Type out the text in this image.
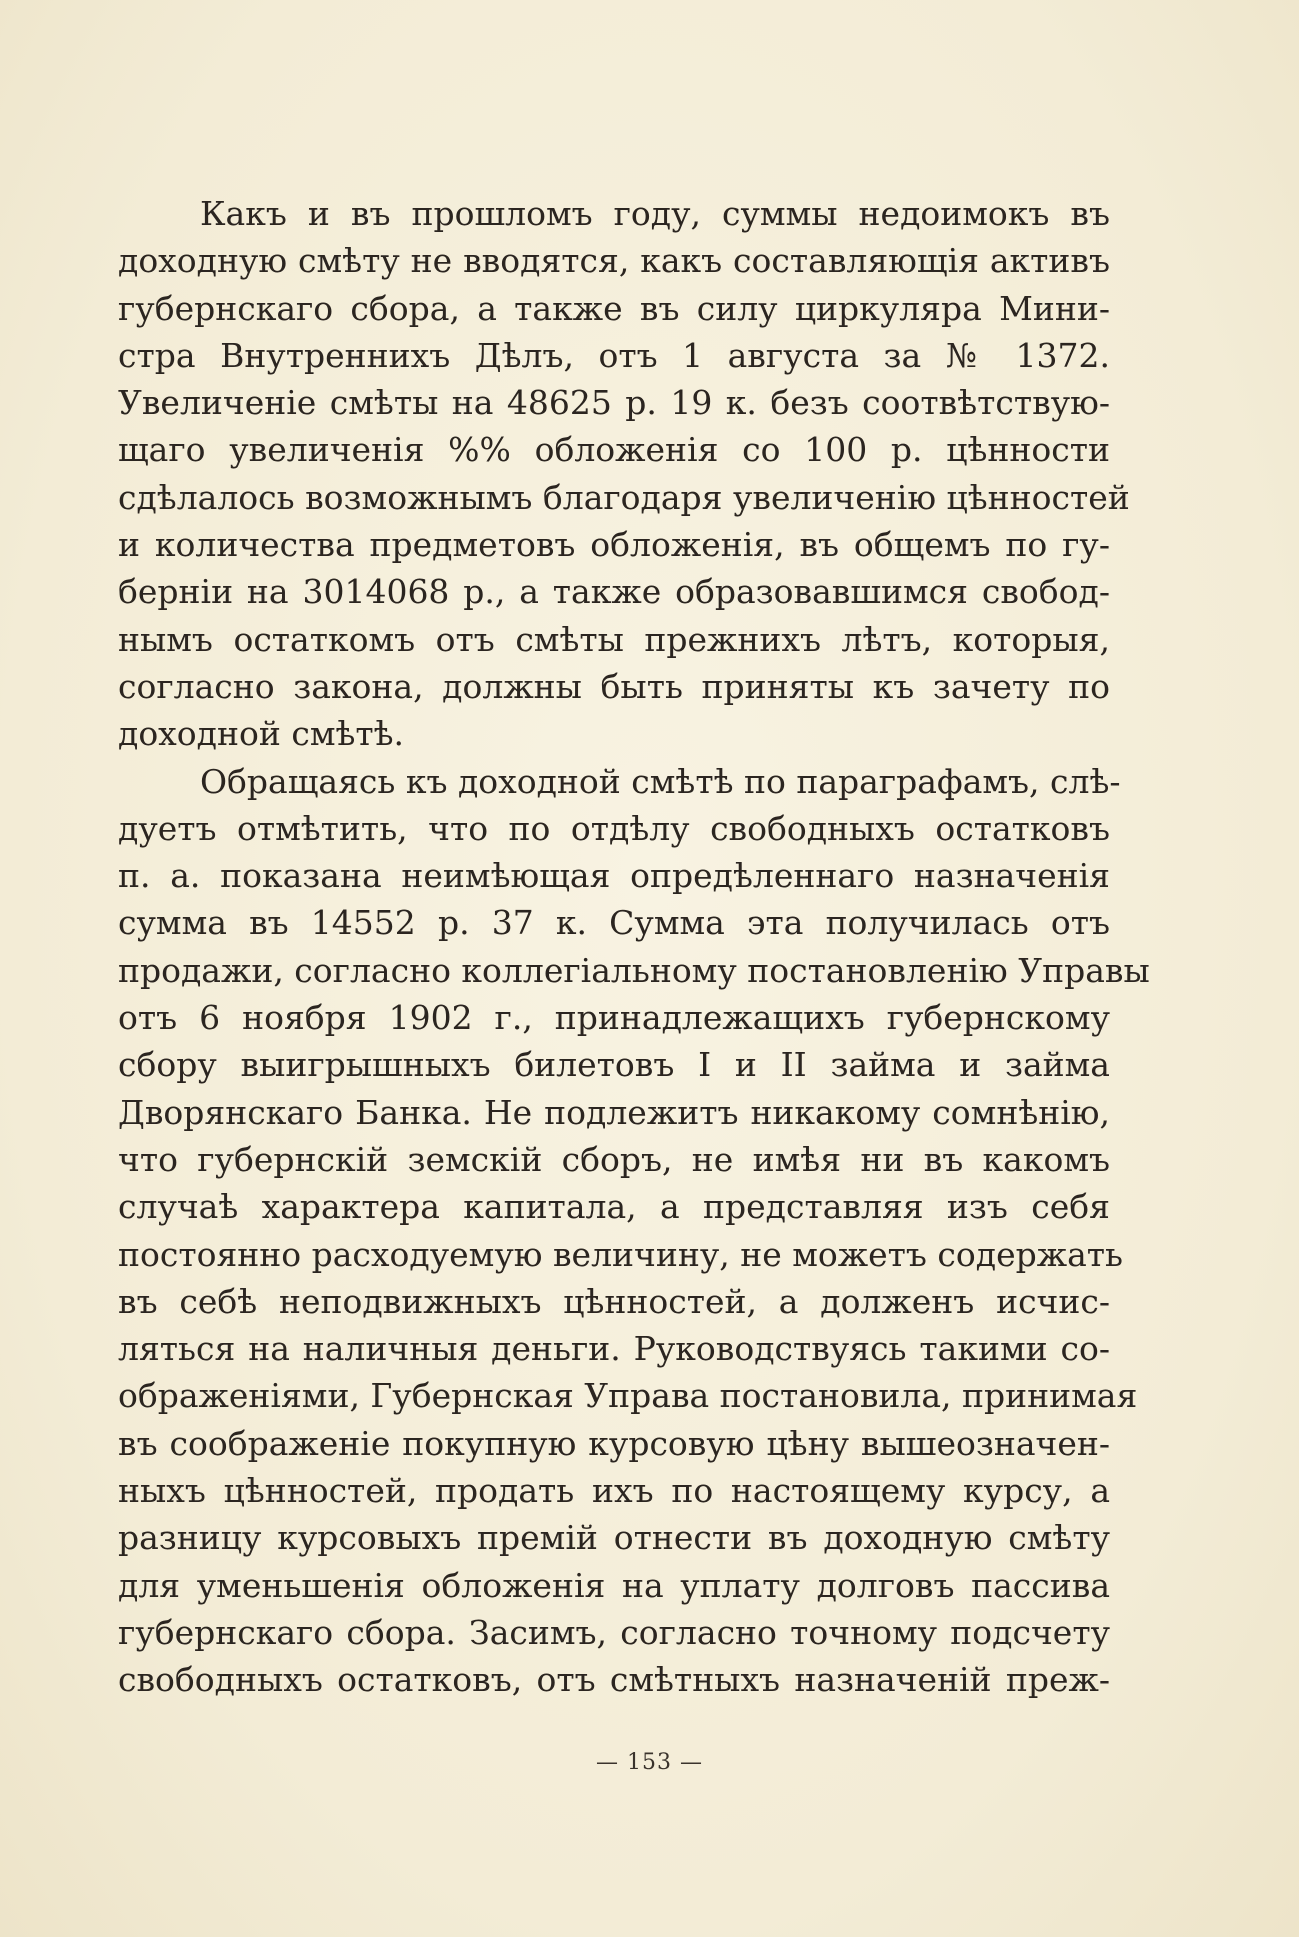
Какъ и въ прошломъ году, суммы недоимокъ въ
доходную смѣту не вводятся, какъ составляющія активъ
губернскаго сбора, а также въ силу циркуляра Мини-
стра Внутреннихъ Дѣлъ, отъ 1 августа за № 1372.
Увеличеніе смѣты на 48625 р. 19 к. безъ соотвѣтствую-
щаго увеличенія %% обложенія со 100 р. цѣнности
сдѣлалось возможнымъ благодаря увеличенію цѣнностей
и количества предметовъ обложенія, въ общемъ по гу-
берніи на 3014068 р., а также образовавшимся свобод-
нымъ остаткомъ отъ смѣты прежнихъ лѣтъ, которыя,
согласно закона, должны быть приняты къ зачету по
доходной смѣтѣ.

Обращаясь къ доходной смѣтѣ по параграфамъ, слѣ-
дуетъ отмѣтить, что по отдѣлу свободныхъ остатковъ
п. а. показана неимѣющая опредѣленнаго назначенія
сумма въ 14552 р. 37 к. Сумма эта получилась отъ
продажи, согласно коллегіальному постановленію Управы
отъ 6 ноября 1902 г., принадлежащихъ губернскому
сбору выигрышныхъ билетовъ I и II займа и займа
Дворянскаго Банка. Не подлежитъ никакому сомнѣнію,
что губернскій земскій сборъ, не имѣя ни въ какомъ
случаѣ характера капитала, а представляя изъ себя
постоянно расходуемую величину, не можетъ содержать
въ себѣ неподвижныхъ цѣнностей, а долженъ исчис-
ляться на наличныя деньги. Руководствуясь такими со-
ображеніями, Губернская Управа постановила, принимая
въ соображеніе покупную курсовую цѣну вышеозначен-
ныхъ цѣнностей, продать ихъ по настоящему курсу, а
разницу курсовыхъ премій отнести въ доходную смѣту
для уменьшенія обложенія на уплату долговъ пассива
губернскаго сбора. Засимъ, согласно точному подсчету
свободныхъ остатковъ, отъ смѣтныхъ назначеній преж-

— 153 —
